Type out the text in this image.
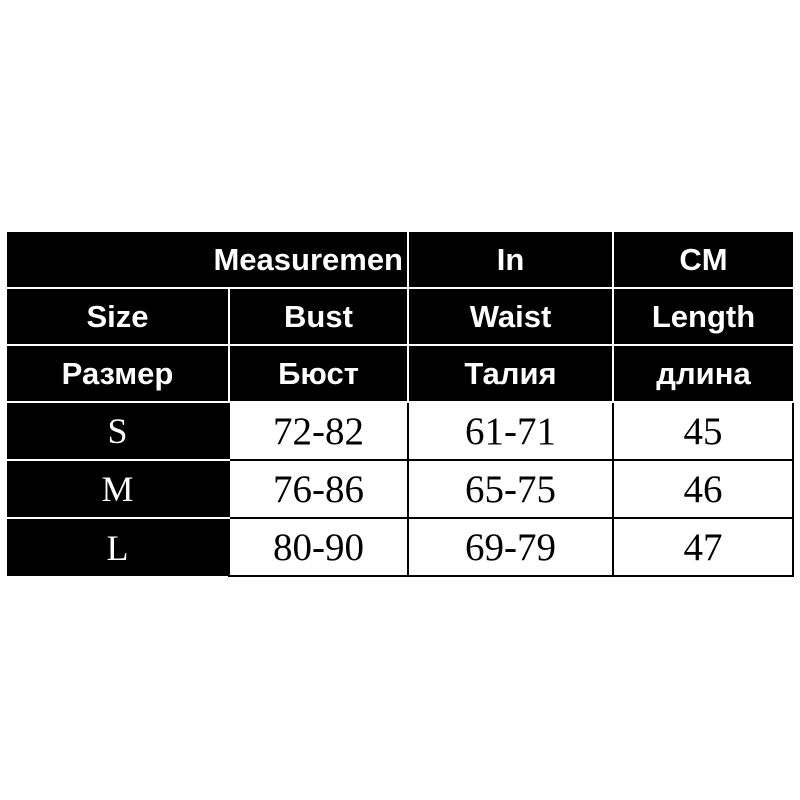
Measuremen		In	CM
Size	Bust	Waist	Length
Размер	Бюст	Талия	длина
S	72-82	61-71	45
M	76-86	65-75	46
L	80-90	69-79	47
